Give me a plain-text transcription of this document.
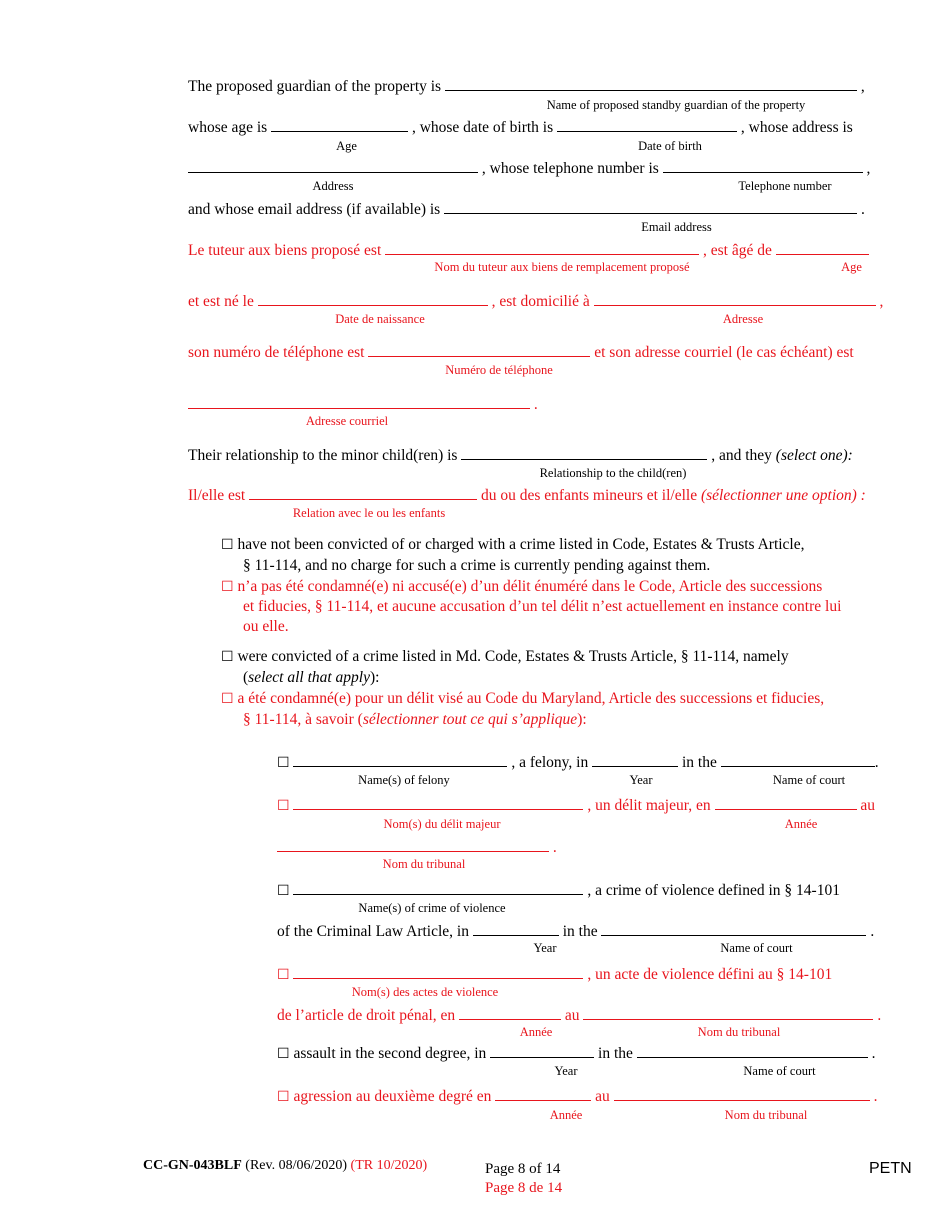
The proposed guardian of the property is	,
Name of proposed standby guardian of the property
whose age is	, whose date of birth is	, whose address is
Age	Date of birth
, whose telephone number is	,
Address	Telephone number
and whose email address (if available) is	.
Email address
Le tuteur aux biens proposé est	, est âgé de
Nom du tuteur aux biens de remplacement proposé	Age
et est né le	, est domicilié à	,
Date de naissance	Adresse
son numéro de téléphone est	et son adresse courriel (le cas échéant) est
Numéro de téléphone
.
Adresse courriel
Their relationship to the minor child(ren) is	, and they (select one):
Relationship to the child(ren)
Il/elle est	du ou des enfants mineurs et il/elle (sélectionner une option) :
Relation avec le ou les enfants
☐ have not been convicted of or charged with a crime listed in Code, Estates & Trusts Article,
§ 11-114, and no charge for such a crime is currently pending against them.
☐ n’a pas été condamné(e) ni accusé(e) d’un délit énuméré dans le Code, Article des successions
et fiducies, § 11-114, et aucune accusation d’un tel délit n’est actuellement en instance contre lui
ou elle.
☐ were convicted of a crime listed in Md. Code, Estates & Trusts Article, § 11-114, namely
(select all that apply):
☐ a été condamné(e) pour un délit visé au Code du Maryland, Article des successions et fiducies,
§ 11-114, à savoir (sélectionner tout ce qui s’applique):
☐	, a felony, in	in the	.
Name(s) of felony	Year	Name of court
☐	, un délit majeur, en	au
Nom(s) du délit majeur	Année
.
Nom du tribunal
☐	, a crime of violence defined in § 14-101
Name(s) of crime of violence
of the Criminal Law Article, in	in the	.
Year	Name of court
☐	, un acte de violence défini au § 14-101
Nom(s) des actes de violence
de l’article de droit pénal, en	au	.
Année	Nom du tribunal
☐ assault in the second degree, in	in the	.
Year	Name of court
☐ agression au deuxième degré en	au	.
Année	Nom du tribunal
CC-GN-043BLF (Rev. 08/06/2020) (TR 10/2020)	Page 8 of 14
Page 8 de 14
PETN
